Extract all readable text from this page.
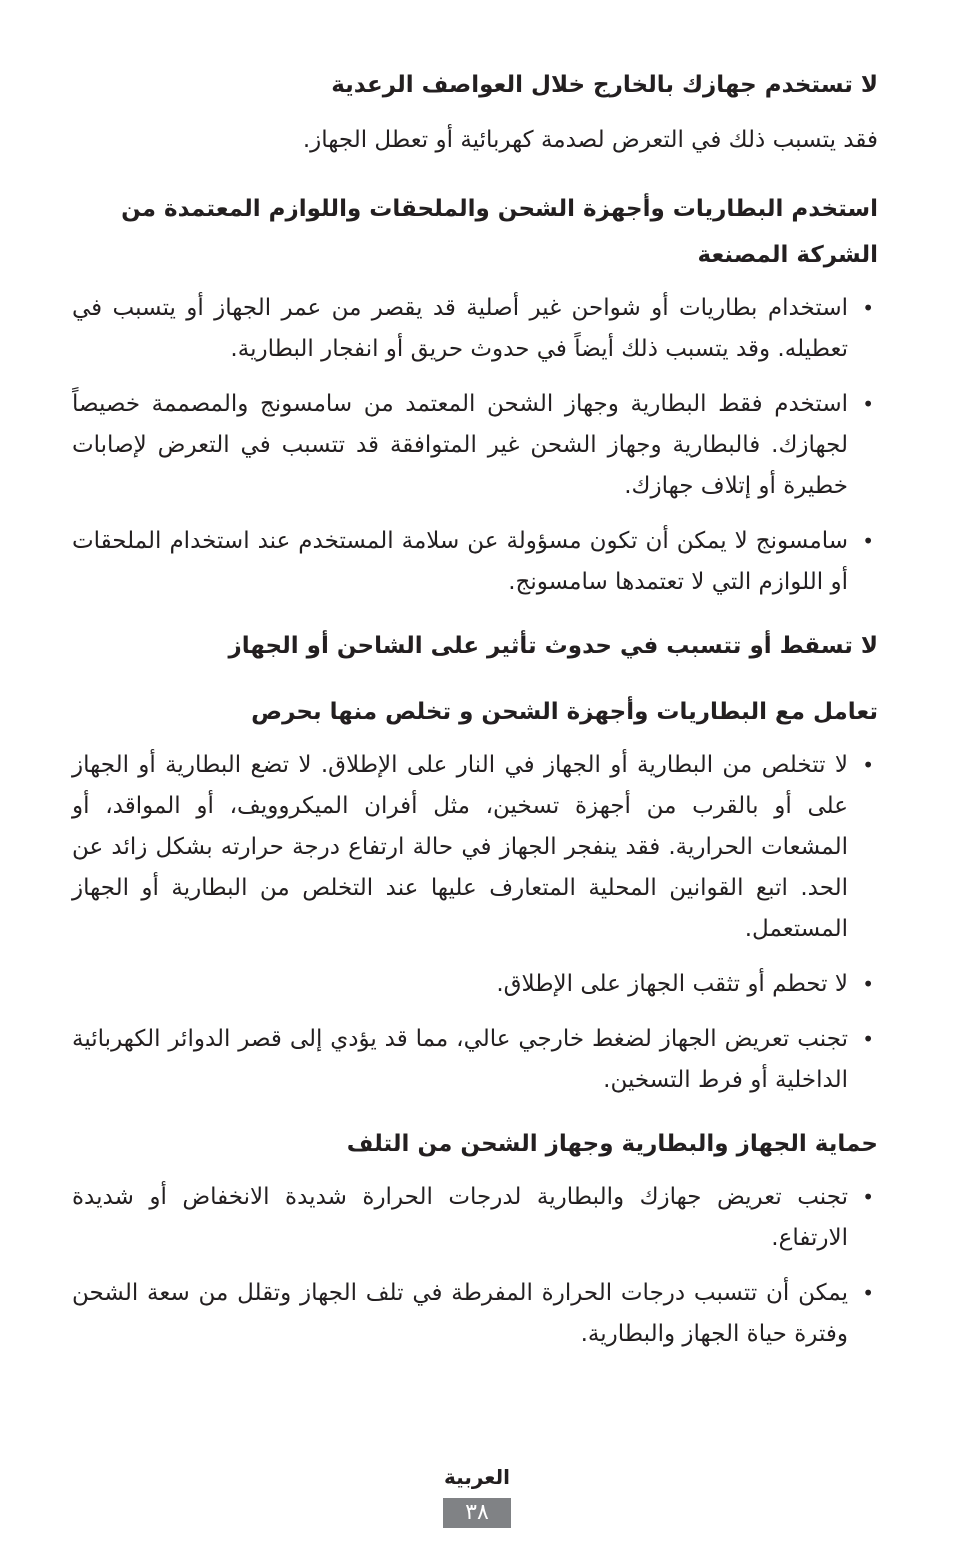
لا تستخدم جهازك بالخارج خلال العواصف الرعدية

فقد يتسبب ذلك في التعرض لصدمة كهربائية أو تعطل الجهاز.

استخدم البطاريات وأجهزة الشحن والملحقات واللوازم المعتمدة من الشركة المصنعة
•
استخدام بطاريات أو شواحن غير أصلية قد يقصر من عمر الجهاز أو يتسبب في تعطيله. وقد يتسبب ذلك أيضاً في حدوث حريق أو انفجار البطارية.
•
استخدم فقط البطارية وجهاز الشحن المعتمد من سامسونج والمصممة خصيصاً لجهازك. فالبطارية وجهاز الشحن غير المتوافقة قد تتسبب في التعرض لإصابات خطيرة أو إتلاف جهازك.
•
سامسونج لا يمكن أن تكون مسؤولة عن سلامة المستخدم عند استخدام الملحقات أو اللوازم التي لا تعتمدها سامسونج.
لا تسقط أو تتسبب في حدوث تأثير على الشاحن أو الجهاز
تعامل مع البطاريات وأجهزة الشحن و تخلص منها بحرص
•
لا تتخلص من البطارية أو الجهاز في النار على الإطلاق. لا تضع البطارية أو الجهاز على أو بالقرب من أجهزة تسخين، مثل أفران الميكروويف، أو المواقد، أو المشعات الحرارية. فقد ينفجر الجهاز في حالة ارتفاع درجة حرارته بشكل زائد عن الحد. اتبع القوانين المحلية المتعارف عليها عند التخلص من البطارية أو الجهاز المستعمل.
•
لا تحطم أو تثقب الجهاز على الإطلاق.
•
تجنب تعريض الجهاز لضغط خارجي عالي، مما قد يؤدي إلى قصر الدوائر الكهربائية الداخلية أو فرط التسخين.
حماية الجهاز والبطارية وجهاز الشحن من التلف
•
تجنب تعريض جهازك والبطارية لدرجات الحرارة شديدة الانخفاض أو شديدة الارتفاع.
•
يمكن أن تتسبب درجات الحرارة المفرطة في تلف الجهاز وتقلل من سعة الشحن وفترة حياة الجهاز والبطارية.
العربية
٣٨
